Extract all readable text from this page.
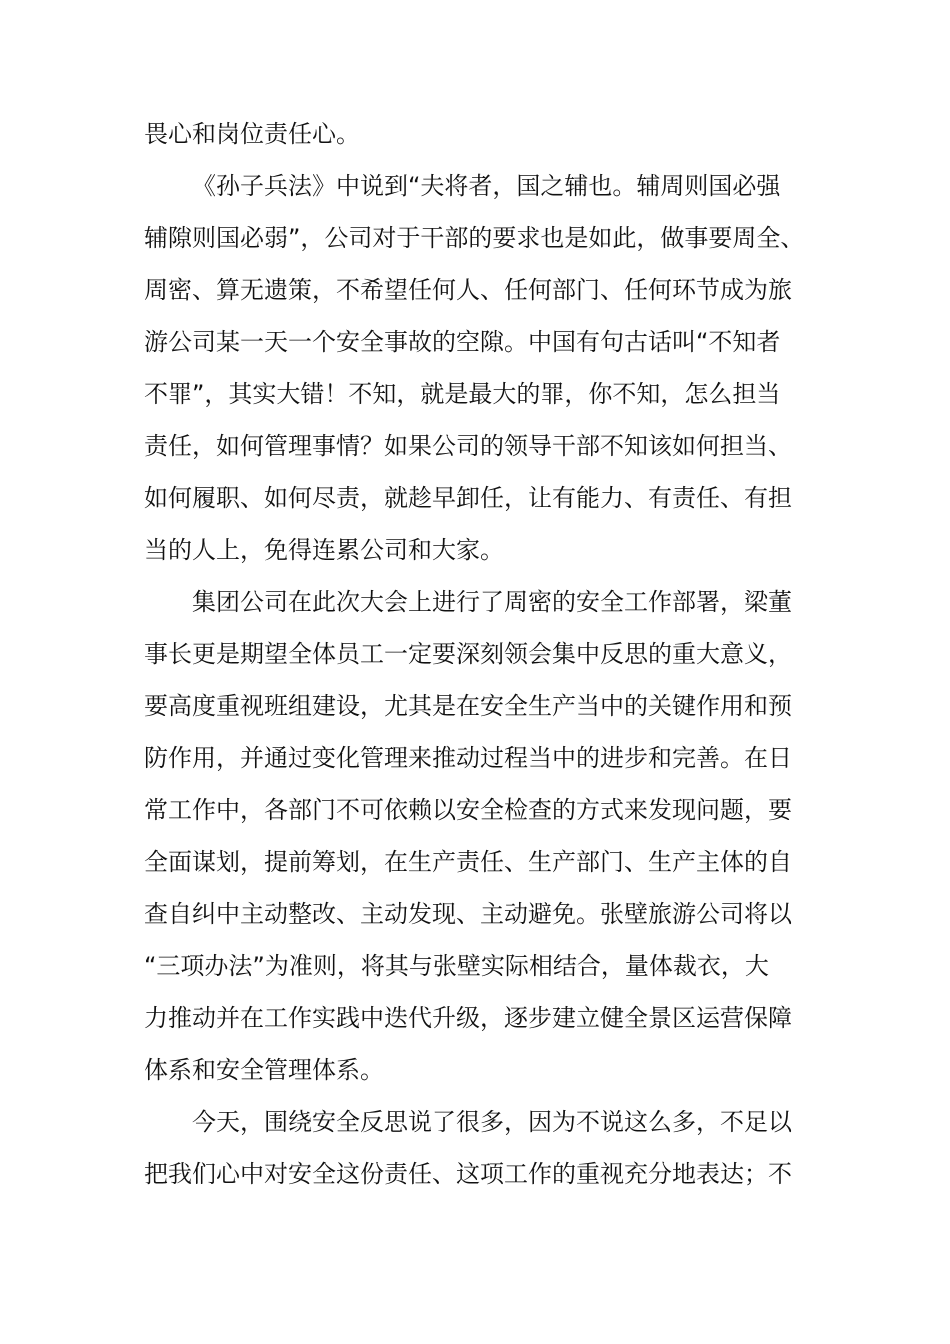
畏心和岗位责任心。
《孙子兵法》中说到“夫将者，国之辅也。辅周则国必强
辅隙则国必弱”，公司对于干部的要求也是如此，做事要周全、
周密、算无遗策，不希望任何人、任何部门、任何环节成为旅
游公司某一天一个安全事故的空隙。中国有句古话叫“不知者
不罪”，其实大错！不知，就是最大的罪，你不知，怎么担当
责任，如何管理事情？如果公司的领导干部不知该如何担当、
如何履职、如何尽责，就趁早卸任，让有能力、有责任、有担
当的人上，免得连累公司和大家。
集团公司在此次大会上进行了周密的安全工作部署，梁董
事长更是期望全体员工一定要深刻领会集中反思的重大意义，
要高度重视班组建设，尤其是在安全生产当中的关键作用和预
防作用，并通过变化管理来推动过程当中的进步和完善。在日
常工作中，各部门不可依赖以安全检查的方式来发现问题，要
全面谋划，提前筹划，在生产责任、生产部门、生产主体的自
查自纠中主动整改、主动发现、主动避免。张壁旅游公司将以
“三项办法”为准则，将其与张壁实际相结合，量体裁衣，大
力推动并在工作实践中迭代升级，逐步建立健全景区运营保障
体系和安全管理体系。
今天，围绕安全反思说了很多，因为不说这么多，不足以
把我们心中对安全这份责任、这项工作的重视充分地表达；不
